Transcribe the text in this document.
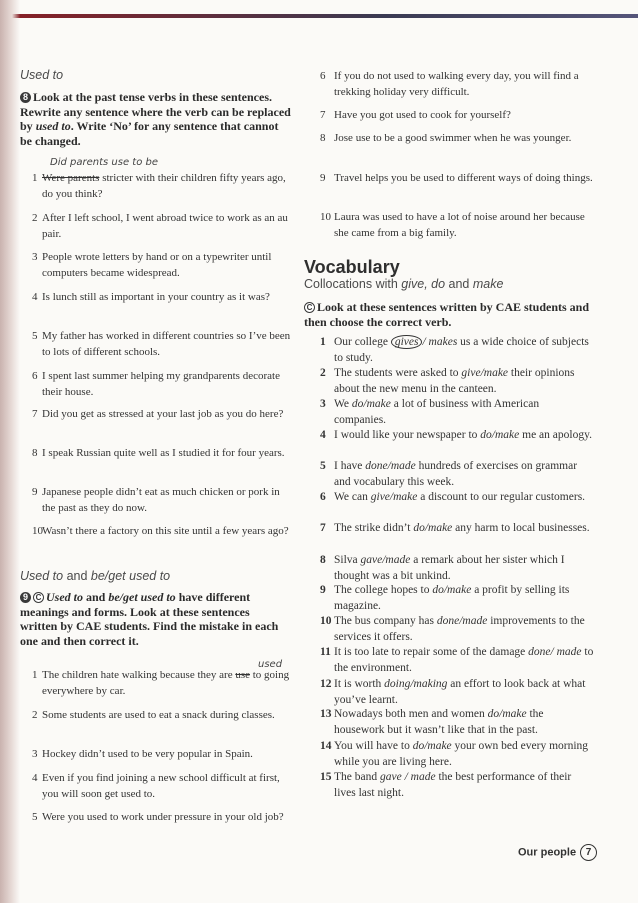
Used to
8 Look at the past tense verbs in these sentences. Rewrite any sentence where the verb can be replaced by used to. Write ‘No’ for any sentence that cannot be changed.
Did parents use to be
1 Were parents stricter with their children fifty years ago, do you think?
2 After I left school, I went abroad twice to work as an au pair.
3 People wrote letters by hand or on a typewriter until computers became widespread.
4 Is lunch still as important in your country as it was?
5 My father has worked in different countries so I’ve been to lots of different schools.
6 I spent last summer helping my grandparents decorate their house.
7 Did you get as stressed at your last job as you do here?
8 I speak Russian quite well as I studied it for four years.
9 Japanese people didn’t eat as much chicken or pork in the past as they do now.
10 Wasn’t there a factory on this site until a few years ago?
Used to and be/get used to
9 C Used to and be/get used to have different meanings and forms. Look at these sentences written by CAE students. Find the mistake in each one and then correct it.
used
1 The children hate walking because they are use to going everywhere by car.
2 Some students are used to eat a snack during classes.
3 Hockey didn’t used to be very popular in Spain.
4 Even if you find joining a new school difficult at first, you will soon get used to.
5 Were you used to work under pressure in your old job?
6 If you do not used to walking every day, you will find a trekking holiday very difficult.
7 Have you got used to cook for yourself?
8 Jose use to be a good swimmer when he was younger.
9 Travel helps you be used to different ways of doing things.
10 Laura was used to have a lot of noise around her because she came from a big family.
Vocabulary
Collocations with give, do and make
C Look at these sentences written by CAE students and then choose the correct verb.
1 Our college gives / makes us a wide choice of subjects to study.
2 The students were asked to give/make their opinions about the new menu in the canteen.
3 We do/make a lot of business with American companies.
4 I would like your newspaper to do/make me an apology.
5 I have done/made hundreds of exercises on grammar and vocabulary this week.
6 We can give/make a discount to our regular customers.
7 The strike didn’t do/make any harm to local businesses.
8 Silva gave/made a remark about her sister which I thought was a bit unkind.
9 The college hopes to do/make a profit by selling its magazine.
10 The bus company has done/made improvements to the services it offers.
11 It is too late to repair some of the damage done/ made to the environment.
12 It is worth doing/making an effort to look back at what you’ve learnt.
13 Nowadays both men and women do/make the housework but it wasn’t like that in the past.
14 You will have to do/make your own bed every morning while you are living here.
15 The band gave / made the best performance of their lives last night.
Our people 7
